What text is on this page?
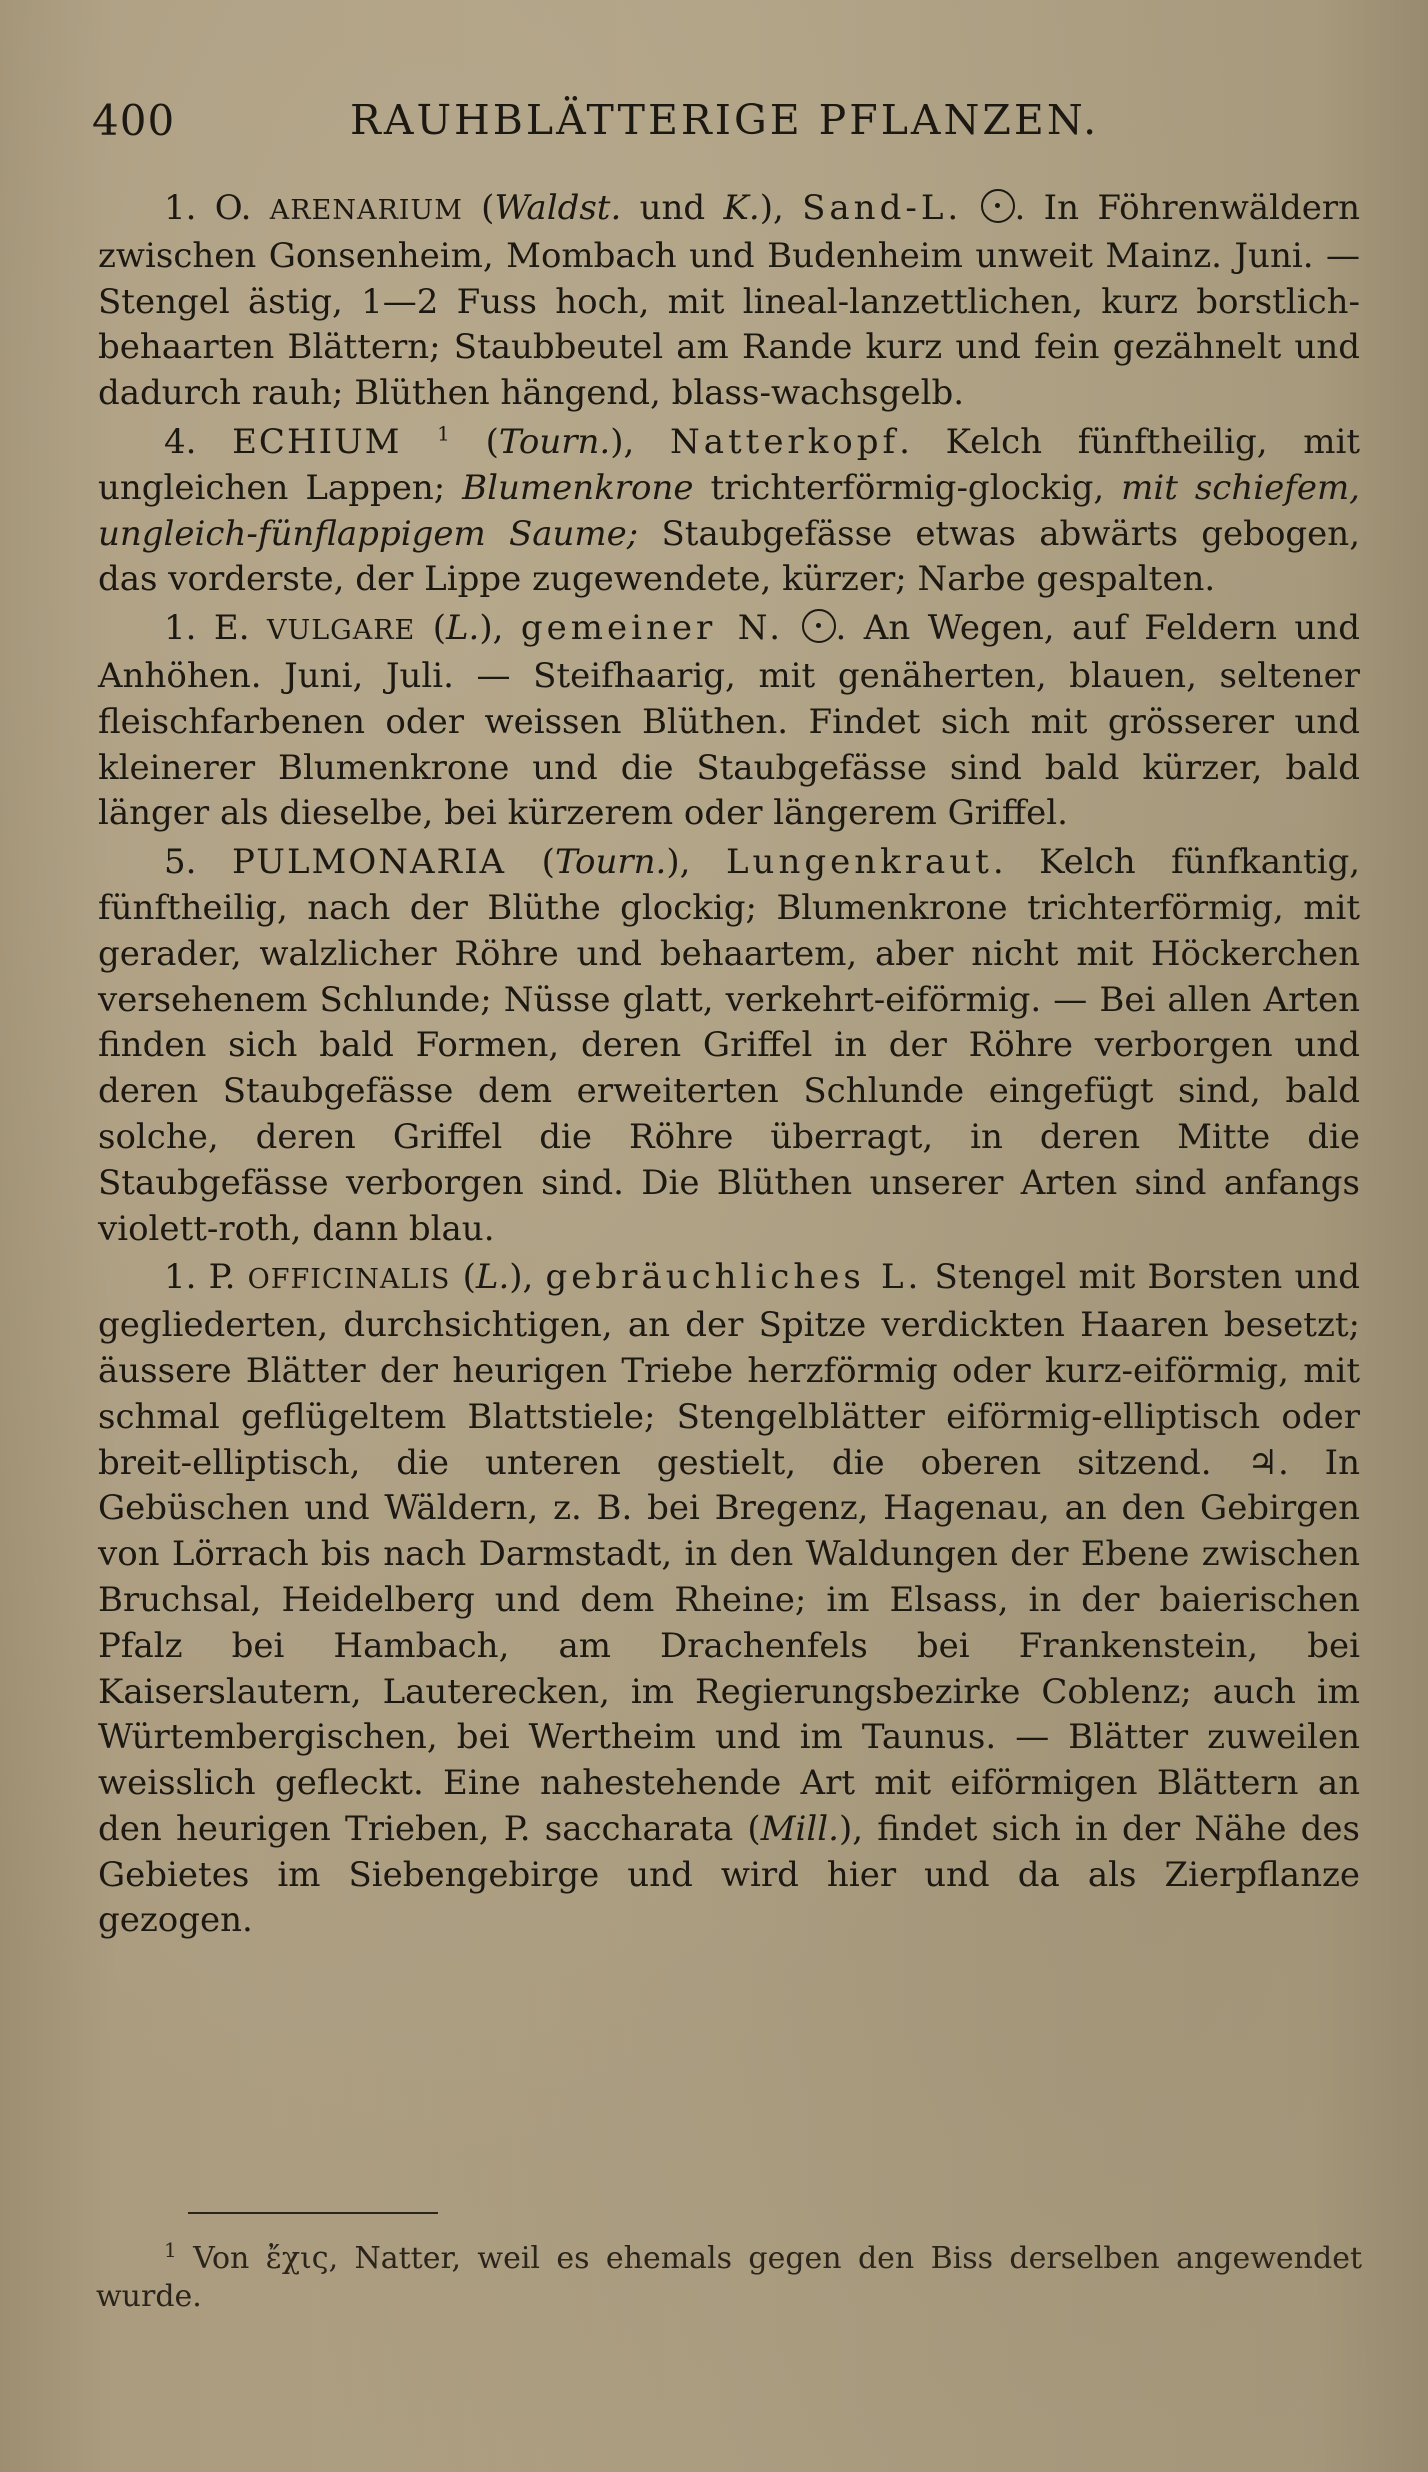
400	RAUHBLÄTTERIGE PFLANZEN.

1. O. ARENARIUM (Waldst. und K.), Sand-L. . In Föhrenwäldern zwischen Gonsenheim, Mombach und Budenheim unweit Mainz. Juni. — Stengel ästig, 1—2 Fuss hoch, mit lineal-lanzettlichen, kurz borstlich-behaarten Blättern; Staubbeutel am Rande kurz und fein gezähnelt und dadurch rauh; Blüthen hängend, blass-wachsgelb.

4. ECHIUM $^1$ (Tourn.), Natterkopf. Kelch fünftheilig, mit ungleichen Lappen; Blumenkrone trichterförmig-glockig, mit schiefem, ungleich-fünflappigem Saume; Staubgefässe etwas abwärts gebogen, das vorderste, der Lippe zugewendete, kürzer; Narbe gespalten.

1. E. VULGARE (L.), gemeiner N. . An Wegen, auf Feldern und Anhöhen. Juni, Juli. — Steifhaarig, mit genäherten, blauen, seltener fleischfarbenen oder weissen Blüthen. Findet sich mit grösserer und kleinerer Blumenkrone und die Staubgefässe sind bald kürzer, bald länger als dieselbe, bei kürzerem oder längerem Griffel.

5. PULMONARIA (Tourn.), Lungenkraut. Kelch fünfkantig, fünftheilig, nach der Blüthe glockig; Blumenkrone trichterförmig, mit gerader, walzlicher Röhre und behaartem, aber nicht mit Höckerchen versehenem Schlunde; Nüsse glatt, verkehrt-eiförmig. — Bei allen Arten finden sich bald Formen, deren Griffel in der Röhre verborgen und deren Staubgefässe dem erweiterten Schlunde eingefügt sind, bald solche, deren Griffel die Röhre überragt, in deren Mitte die Staubgefässe verborgen sind. Die Blüthen unserer Arten sind anfangs violett-roth, dann blau.

1. P. OFFICINALIS (L.), gebräuchliches L. Stengel mit Borsten und gegliederten, durchsichtigen, an der Spitze verdickten Haaren besetzt; äussere Blätter der heurigen Triebe herzförmig oder kurz-eiförmig, mit schmal geflügeltem Blattstiele; Stengelblätter eiförmig-elliptisch oder breit-elliptisch, die unteren gestielt, die oberen sitzend. ♃. In Gebüschen und Wäldern, z. B. bei Bregenz, Hagenau, an den Gebirgen von Lörrach bis nach Darmstadt, in den Waldungen der Ebene zwischen Bruchsal, Heidelberg und dem Rheine; im Elsass, in der baierischen Pfalz bei Hambach, am Drachenfels bei Frankenstein, bei Kaiserslautern, Lauterecken, im Regierungsbezirke Coblenz; auch im Würtembergischen, bei Wertheim und im Taunus. — Blätter zuweilen weisslich gefleckt. Eine nahestehende Art mit eiförmigen Blättern an den heurigen Trieben, P. saccharata (Mill.), findet sich in der Nähe des Gebietes im Siebengebirge und wird hier und da als Zierpflanze gezogen.

$^1$ Von ἔχις, Natter, weil es ehemals gegen den Biss derselben angewendet wurde.
